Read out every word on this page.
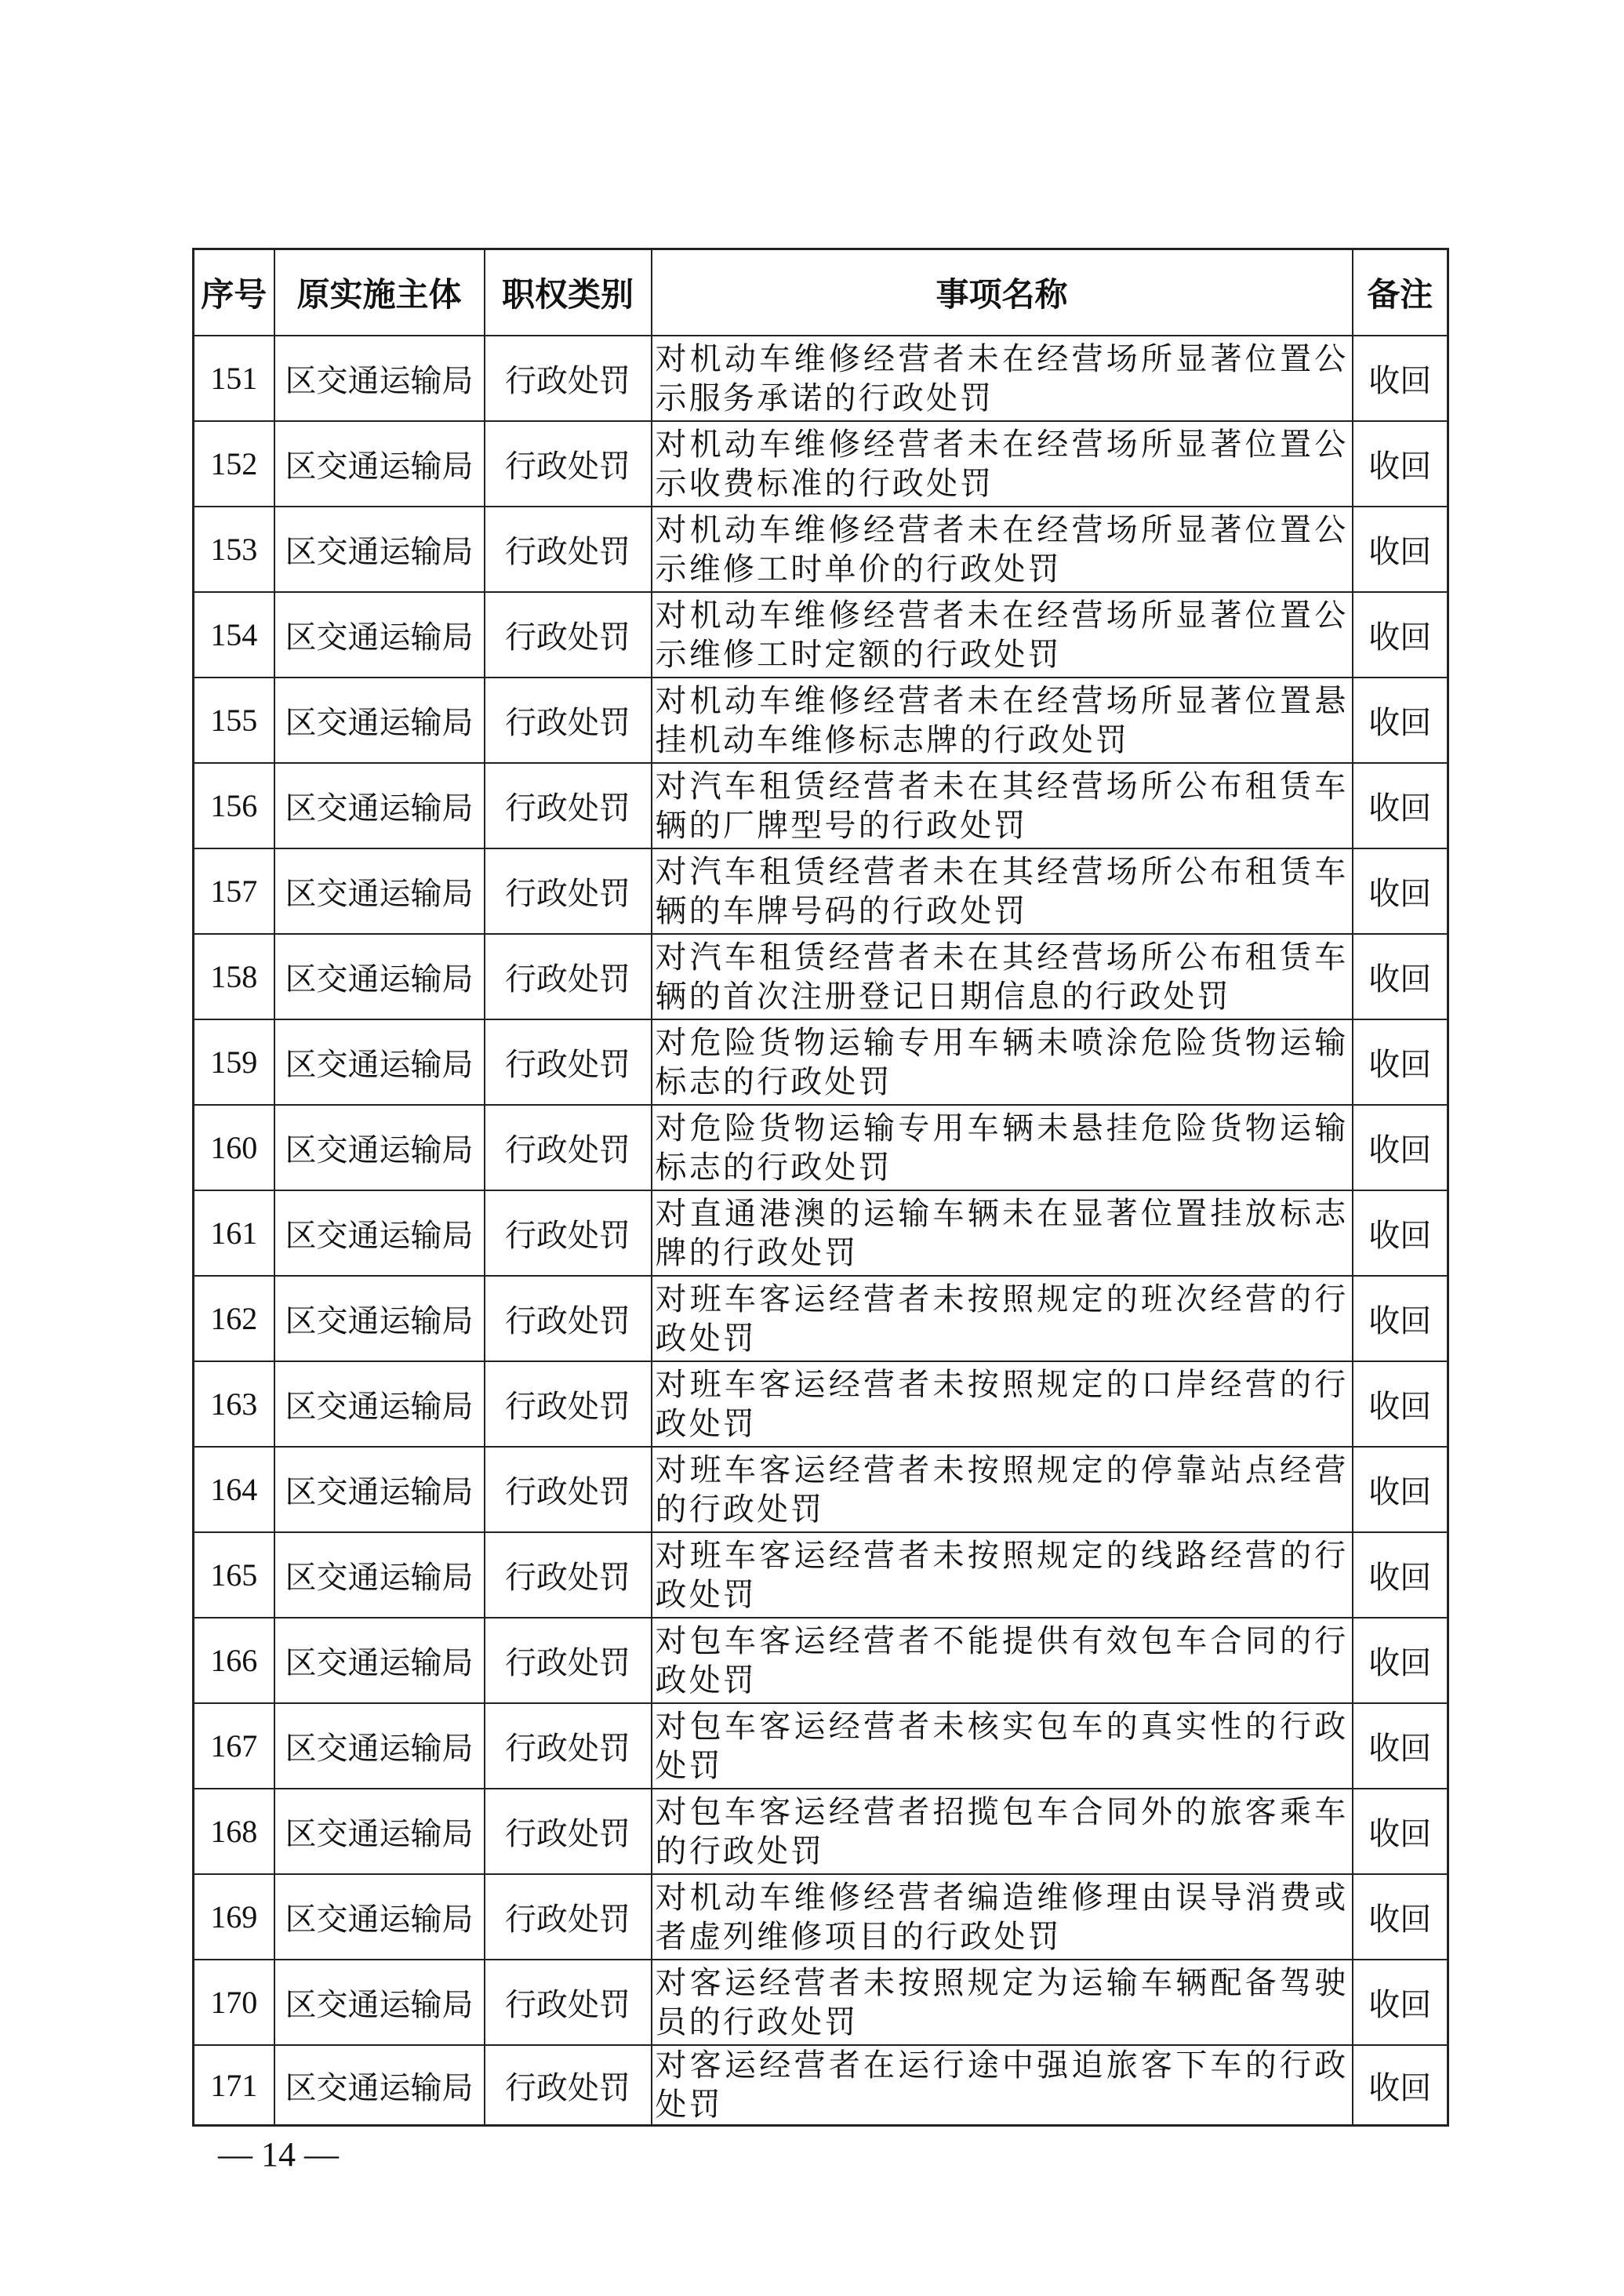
序号	原实施主体	职权类别	事项名称	备注
151	区交通运输局	行政处罚	对机动车维修经营者未在经营场所显著位置公示服务承诺的行政处罚	收回
152	区交通运输局	行政处罚	对机动车维修经营者未在经营场所显著位置公示收费标准的行政处罚	收回
153	区交通运输局	行政处罚	对机动车维修经营者未在经营场所显著位置公示维修工时单价的行政处罚	收回
154	区交通运输局	行政处罚	对机动车维修经营者未在经营场所显著位置公示维修工时定额的行政处罚	收回
155	区交通运输局	行政处罚	对机动车维修经营者未在经营场所显著位置悬挂机动车维修标志牌的行政处罚	收回
156	区交通运输局	行政处罚	对汽车租赁经营者未在其经营场所公布租赁车辆的厂牌型号的行政处罚	收回
157	区交通运输局	行政处罚	对汽车租赁经营者未在其经营场所公布租赁车辆的车牌号码的行政处罚	收回
158	区交通运输局	行政处罚	对汽车租赁经营者未在其经营场所公布租赁车辆的首次注册登记日期信息的行政处罚	收回
159	区交通运输局	行政处罚	对危险货物运输专用车辆未喷涂危险货物运输标志的行政处罚	收回
160	区交通运输局	行政处罚	对危险货物运输专用车辆未悬挂危险货物运输标志的行政处罚	收回
161	区交通运输局	行政处罚	对直通港澳的运输车辆未在显著位置挂放标志牌的行政处罚	收回
162	区交通运输局	行政处罚	对班车客运经营者未按照规定的班次经营的行政处罚	收回
163	区交通运输局	行政处罚	对班车客运经营者未按照规定的口岸经营的行政处罚	收回
164	区交通运输局	行政处罚	对班车客运经营者未按照规定的停靠站点经营的行政处罚	收回
165	区交通运输局	行政处罚	对班车客运经营者未按照规定的线路经营的行政处罚	收回
166	区交通运输局	行政处罚	对包车客运经营者不能提供有效包车合同的行政处罚	收回
167	区交通运输局	行政处罚	对包车客运经营者未核实包车的真实性的行政处罚	收回
168	区交通运输局	行政处罚	对包车客运经营者招揽包车合同外的旅客乘车的行政处罚	收回
169	区交通运输局	行政处罚	对机动车维修经营者编造维修理由误导消费或者虚列维修项目的行政处罚	收回
170	区交通运输局	行政处罚	对客运经营者未按照规定为运输车辆配备驾驶员的行政处罚	收回
171	区交通运输局	行政处罚	对客运经营者在运行途中强迫旅客下车的行政处罚	收回
— 14 —
